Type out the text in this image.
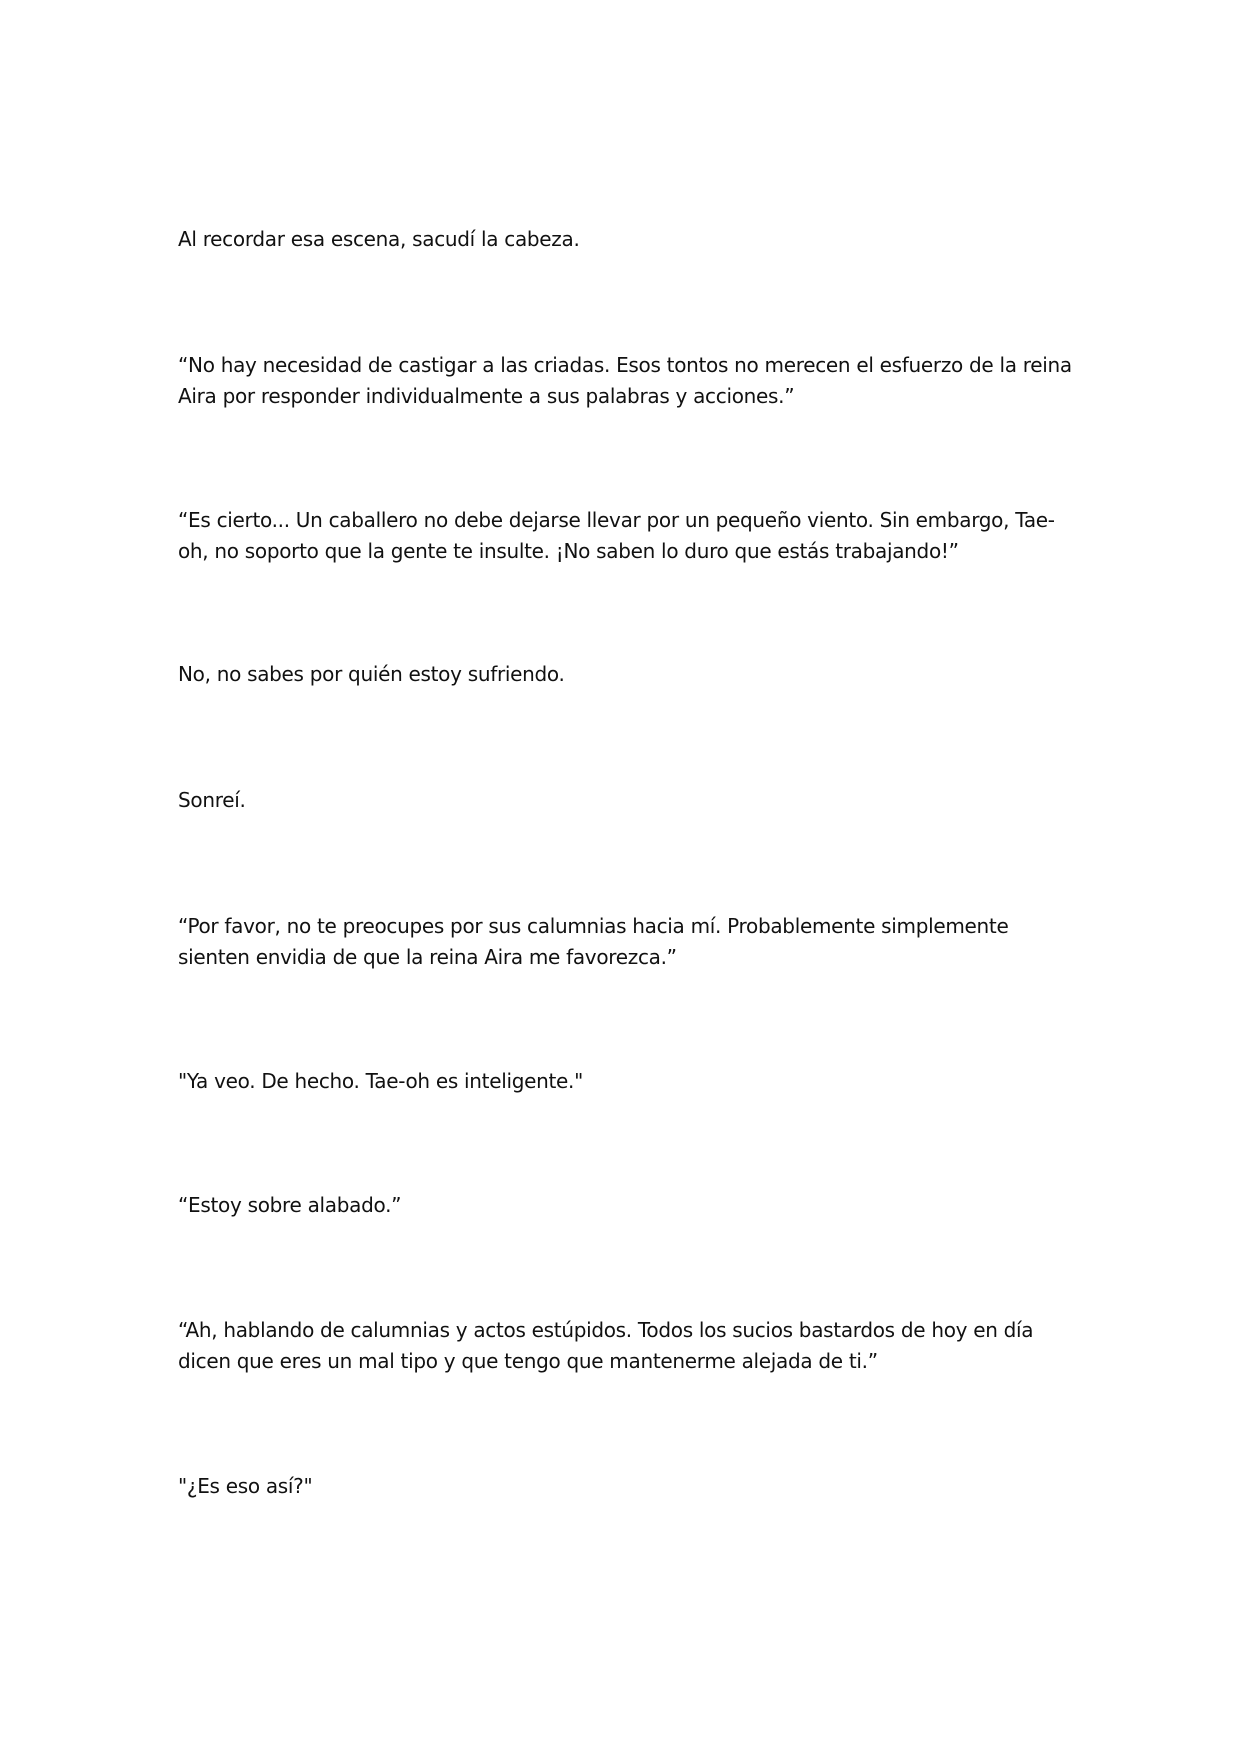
Al recordar esa escena, sacudí la cabeza.

“No hay necesidad de castigar a las criadas. Esos tontos no merecen el esfuerzo de la reina Aira por responder individualmente a sus palabras y acciones.”

“Es cierto... Un caballero no debe dejarse llevar por un pequeño viento. Sin embargo, Tae-oh, no soporto que la gente te insulte. ¡No saben lo duro que estás trabajando!”

No, no sabes por quién estoy sufriendo.

Sonreí.

“Por favor, no te preocupes por sus calumnias hacia mí. Probablemente simplemente sienten envidia de que la reina Aira me favorezca.”

"Ya veo. De hecho. Tae-oh es inteligente."

“Estoy sobre alabado.”

“Ah, hablando de calumnias y actos estúpidos. Todos los sucios bastardos de hoy en día dicen que eres un mal tipo y que tengo que mantenerme alejada de ti.”

"¿Es eso así?"
